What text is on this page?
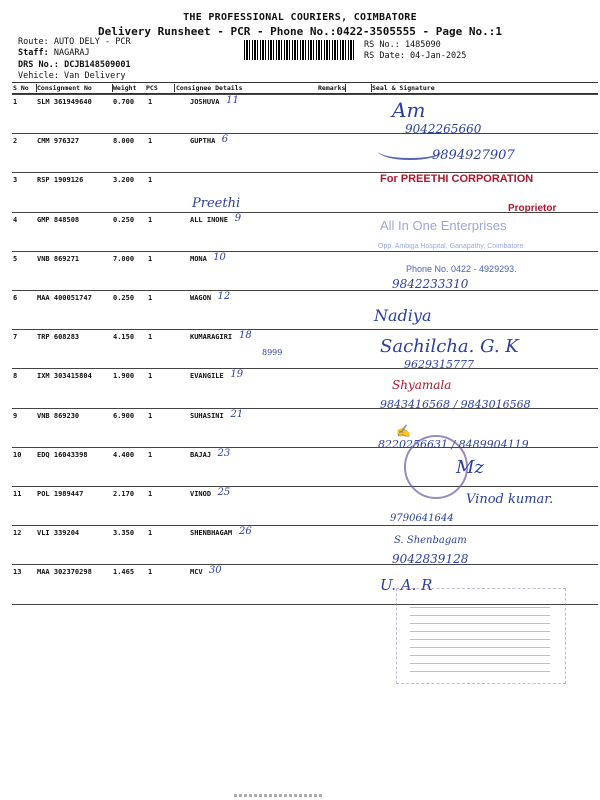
THE PROFESSIONAL COURIERS, COIMBATORE
Delivery Runsheet - PCR - Phone No.:0422-3505555 - Page No.:1
Route: AUTO DELY - PCR
Staff: NAGARAJ
DRS No.: DCJB148509001
Vehicle: Van Delivery
RS No.: 1485090
RS Date: 04-Jan-2025
S No Consignment No	Weight PCS	Consignee Details	Remarks	Seal & Signature
1	SLM 361949640	0.700 1	JOSHUVA 11
2	CMM 976327	8.000 1	GUPTHA 6
3	RSP 1909126	3.200 1
4	GMP 848508	0.250 1	ALL INONE 9
5	VNB 869271	7.000 1	MONA 10
6	MAA 400051747	0.250 1	WAGON 12
7	TRP 608283	4.150 1	KUMARAGIRI 18
8	IXM 303415804	1.900 1	EVANGILE 19
9	VNB 869230	6.900 1	SUHASINI 21
10 EDQ 16043398	4.400 1	BAJAJ 23
11 POL 1989447	2.170 1	VINOD 25
12 VLI 339204	3.350 1	SHENBHAGAM 26
13 MAA 302370298	1.465 1	MCV 30
Preethi
8999
Am
9042265660
9894927907
For PREETHI CORPORATION
Proprietor
All In One Enterprises
Opp. Ambiga Hospital, Ganapathy, Coimbatore
Phone No. 0422 - 4929293.
9842233310
Nadiya
Sachilcha. G. K
9629315777
Shyamala
9843416568 / 9843016568
✍
8220256631 / 8489904119
Mz
Vinod kumar.
9790641644
S. Shenbagam
9042839128
U. A. R
